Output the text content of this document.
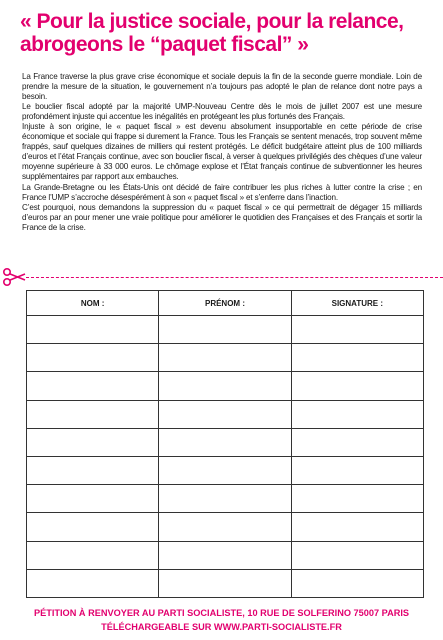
« Pour la justice sociale, pour la relance,
abrogeons le “paquet fiscal” »

La France traverse la plus grave crise économique et sociale depuis la fin de la seconde guerre mondiale. Loin de prendre la mesure de la situation, le gouvernement n’a toujours pas adopté le plan de relance dont notre pays a besoin.

Le bouclier fiscal adopté par la majorité UMP-Nouveau Centre dès le mois de juillet 2007 est une mesure profondément injuste qui accentue les inégalités en protégeant les plus fortunés des Français.

Injuste à son origine, le « paquet fiscal » est devenu absolument insupportable en cette période de crise économique et sociale qui frappe si durement la France. Tous les Français se sentent menacés, trop souvent même frappés, sauf quelques dizaines de milliers qui restent protégés. Le déficit budgétaire atteint plus de 100 milliards d’euros et l’état Français continue, avec son bouclier fiscal, à verser à quelques privilégiés des chèques d’une valeur moyenne supérieure à 33 000 euros. Le chômage explose et l’État français continue de subventionner les heures supplémentaires par rapport aux embauches.

La Grande-Bretagne ou les États-Unis ont décidé de faire contribuer les plus riches à lutter contre la crise ; en France l’UMP s’accroche désespérément à son « paquet fiscal » et s’enferre dans l’inaction.

C’est pourquoi, nous demandons la suppression du « paquet fiscal » ce qui permettrait de dégager 15 milliards d’euros par an pour mener une vraie politique pour améliorer le quotidien des Françaises et des Français et sortir la France de la crise.

NOM :	PRÉNOM :	SIGNATURE :

PÉTITION À RENVOYER AU PARTI SOCIALISTE, 10 RUE DE SOLFERINO 75007 PARIS
TÉLÉCHARGEABLE SUR WWW.PARTI-SOCIALISTE.FR
